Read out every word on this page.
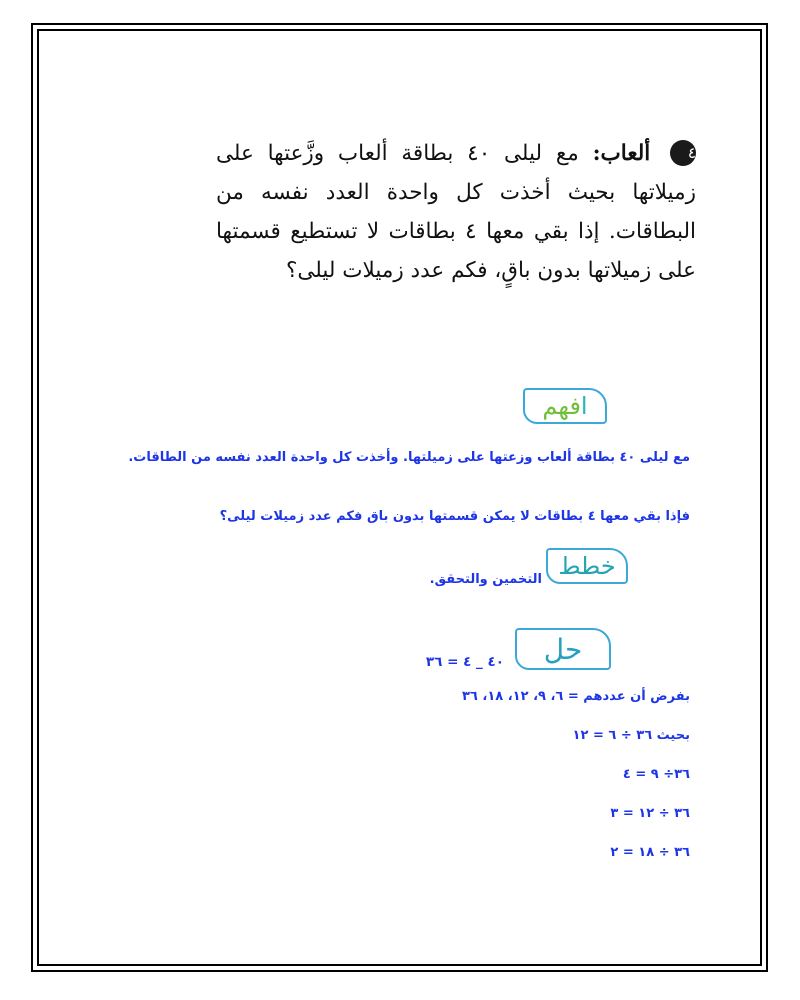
٤ ألعاب: مع ليلى ٤٠ بطاقة ألعاب وزَّعتها على زميلاتها بحيث أخذت كل واحدة العدد نفسه من البطاقات. إذا بقي معها ٤ بطاقات لا تستطيع قسمتها على زميلاتها بدون باقٍ، فكم عدد زميلات ليلى؟
افهم
مع ليلى ٤٠ بطاقة ألعاب وزعتها على زميلتها. وأخذت كل واحدة العدد نفسه من الطاقات.
فإذا بقي معها ٤ بطاقات لا يمكن قسمتها بدون باق فكم عدد زميلات ليلى؟
خطط
التخمين والتحقق.
حل
٤٠ _ ٤ = ٣٦
بفرض أن عددهم = ٦، ٩، ١٢، ١٨، ٣٦
بحيث ٣٦ ÷ ٦ = ١٢
٣٦÷ ٩ = ٤
٣٦ ÷ ١٢ = ٣
٣٦ ÷ ١٨ = ٢
